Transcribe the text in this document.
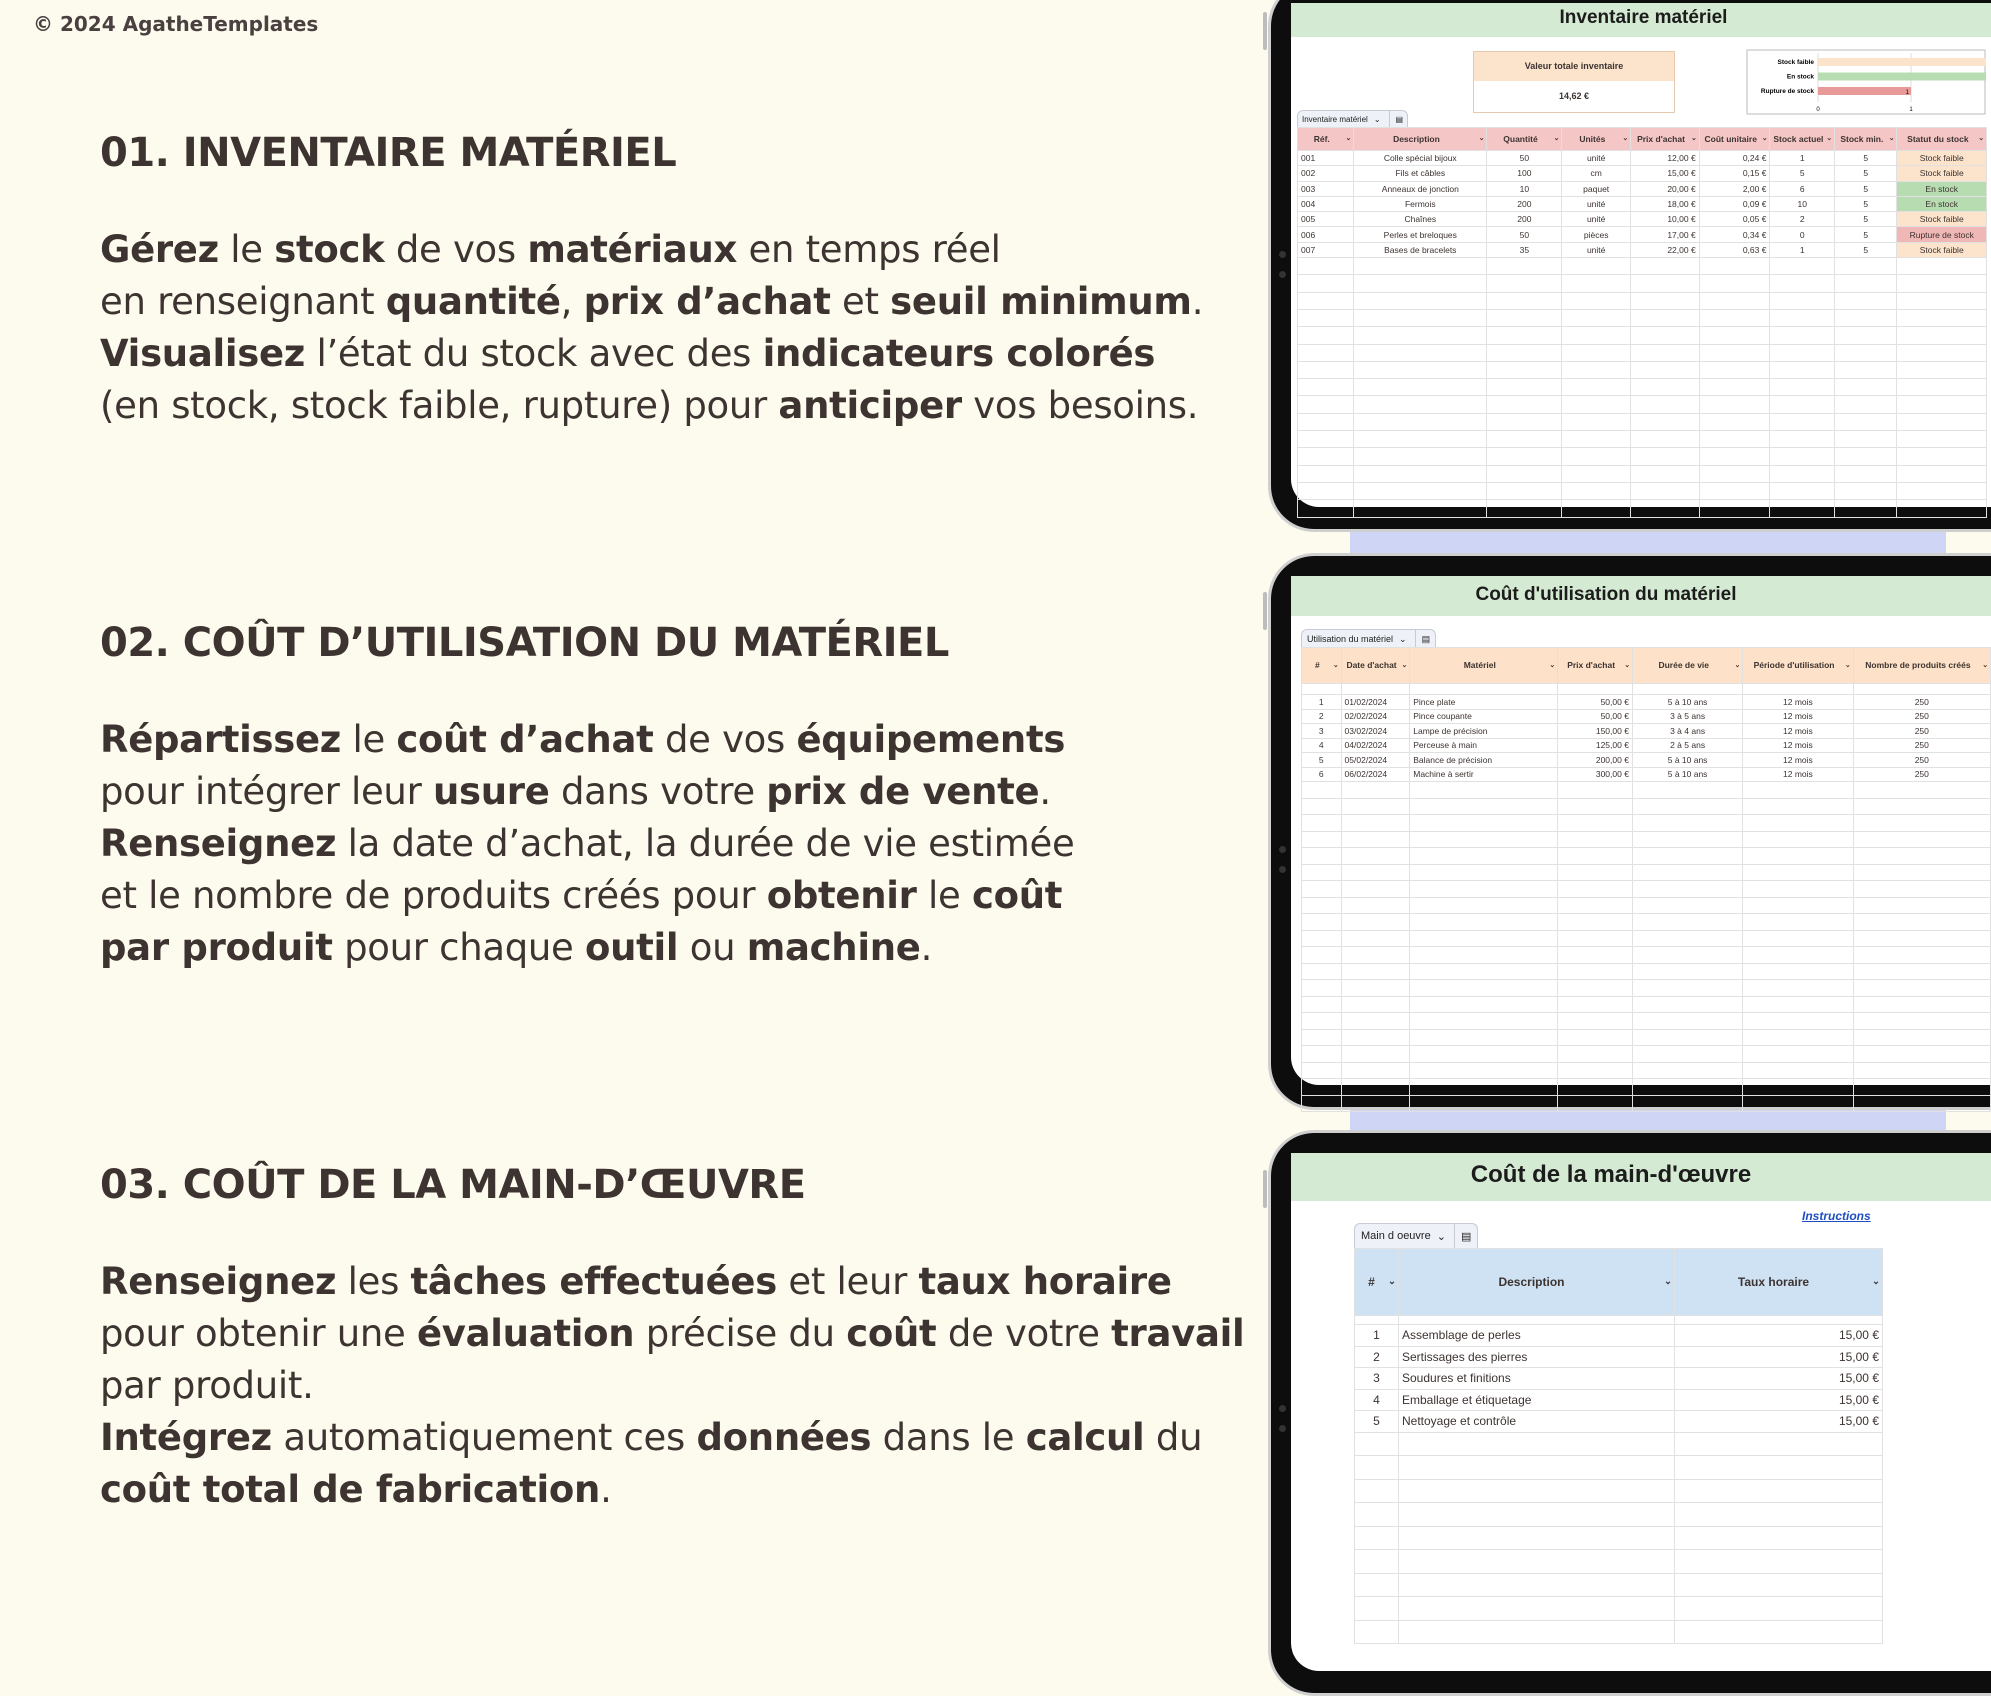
© 2024 AgatheTemplates
01. INVENTAIRE MATÉRIEL
Gérez le stock de vos matériaux en temps réel
en renseignant quantité, prix d’achat et seuil minimum.
Visualisez l’état du stock avec des indicateurs colorés
(en stock, stock faible, rupture) pour anticiper vos besoins.
02. COÛT D’UTILISATION DU MATÉRIEL
Répartissez le coût d’achat de vos équipements
pour intégrer leur usure dans votre prix de vente.
Renseignez la date d’achat, la durée de vie estimée
et le nombre de produits créés pour obtenir le coût
par produit pour chaque outil ou machine.
03. COÛT DE LA MAIN-D’ŒUVRE
Renseignez les tâches effectuées et leur taux horaire
pour obtenir une évaluation précise du coût de votre travail
par produit.
Intégrez automatiquement ces données dans le calcul du
coût total de fabrication.
Inventaire matériel
Valeur totale inventaire
14,62 €
0	1
Stock faible
En stock
Rupture de stock	1
Inventaire matériel ⌄	▤
Réf. ⌄	Description ⌄	Quantité ⌄	Unités ⌄	Prix d'achat ⌄	Coût unitaire ⌄	Stock actuel ⌄	Stock min. ⌄	Statut du stock ⌄

001	Colle spécial bijoux	50	unité	12,00 €	0,24 €	1	5	Stock faible
002	Fils et câbles	100	cm	15,00 €	0,15 €	5	5	Stock faible
003	Anneaux de jonction	10	paquet	20,00 €	2,00 €	6	5	En stock
004	Fermois	200	unité	18,00 €	0,09 €	10	5	En stock
005	Chaînes	200	unité	10,00 €	0,05 €	2	5	Stock faible
006	Perles et breloques	50	pièces	17,00 €	0,34 €	0	5	Rupture de stock
007	Bases de bracelets	35	unité	22,00 €	0,63 €	1	5	Stock faible

Coût d'utilisation du matériel
Utilisation du matériel ⌄	▤
# ⌄	Date d'achat ⌄	Matériel ⌄	Prix d'achat ⌄	Durée de vie ⌄	Période d'utilisation ⌄	Nombre de produits créés ⌄

1	01/02/2024	Pince plate	50,00 €	5 à 10 ans	12 mois	250
2	02/02/2024	Pince coupante	50,00 €	3 à 5 ans	12 mois	250
3	03/02/2024	Lampe de précision	150,00 €	3 à 4 ans	12 mois	250
4	04/02/2024	Perceuse à main	125,00 €	2 à 5 ans	12 mois	250
5	05/02/2024	Balance de précision	200,00 €	5 à 10 ans	12 mois	250
6	06/02/2024	Machine à sertir	300,00 €	5 à 10 ans	12 mois	250

Coût de la main-d'œuvre
Instructions
Main d oeuvre ⌄	▤
# ⌄	Description ⌄	Taux horaire ⌄

1	Assemblage de perles	15,00 €
2	Sertissages des pierres	15,00 €
3	Soudures et finitions	15,00 €
4	Emballage et étiquetage	15,00 €
5	Nettoyage et contrôle	15,00 €
